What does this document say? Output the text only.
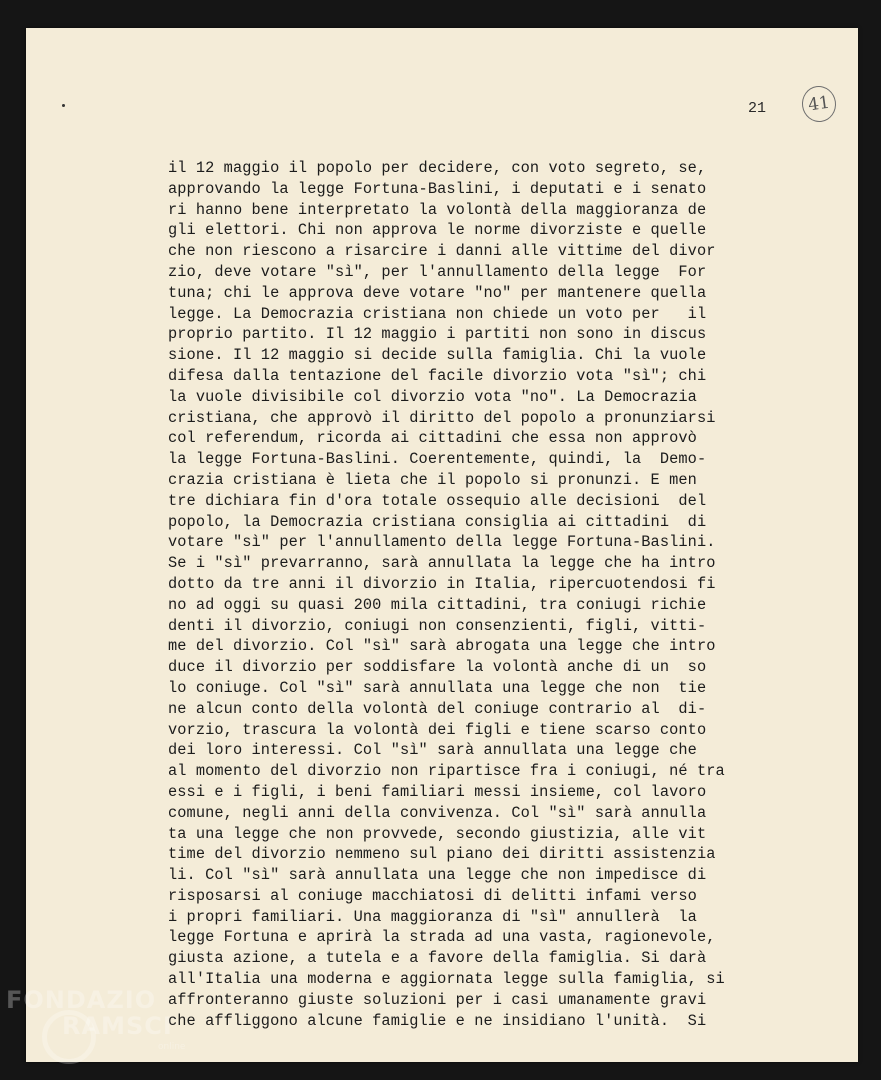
41
21
il 12 maggio il popolo per decidere, con voto segreto, se,
approvando la legge Fortuna-Baslini, i deputati e i senato
ri hanno bene interpretato la volontà della maggioranza de
gli elettori. Chi non approva le norme divorziste e quelle
che non riescono a risarcire i danni alle vittime del divor
zio, deve votare "sì", per l'annullamento della legge  For
tuna; chi le approva deve votare "no" per mantenere quella
legge. La Democrazia cristiana non chiede un voto per   il
proprio partito. Il 12 maggio i partiti non sono in discus
sione. Il 12 maggio si decide sulla famiglia. Chi la vuole
difesa dalla tentazione del facile divorzio vota "sì"; chi
la vuole divisibile col divorzio vota "no". La Democrazia
cristiana, che approvò il diritto del popolo a pronunziarsi
col referendum, ricorda ai cittadini che essa non approvò
la legge Fortuna-Baslini. Coerentemente, quindi, la  Demo-
crazia cristiana è lieta che il popolo si pronunzi. E men
tre dichiara fin d'ora totale ossequio alle decisioni  del
popolo, la Democrazia cristiana consiglia ai cittadini  di
votare "sì" per l'annullamento della legge Fortuna-Baslini.
Se i "sì" prevarranno, sarà annullata la legge che ha intro
dotto da tre anni il divorzio in Italia, ripercuotendosi fi
no ad oggi su quasi 200 mila cittadini, tra coniugi richie
denti il divorzio, coniugi non consenzienti, figli, vitti-
me del divorzio. Col "sì" sarà abrogata una legge che intro
duce il divorzio per soddisfare la volontà anche di un  so
lo coniuge. Col "sì" sarà annullata una legge che non  tie
ne alcun conto della volontà del coniuge contrario al  di-
vorzio, trascura la volontà dei figli e tiene scarso conto
dei loro interessi. Col "sì" sarà annullata una legge che
al momento del divorzio non ripartisce fra i coniugi, né tra
essi e i figli, i beni familiari messi insieme, col lavoro
comune, negli anni della convivenza. Col "sì" sarà annulla
ta una legge che non provvede, secondo giustizia, alle vit
time del divorzio nemmeno sul piano dei diritti assistenzia
li. Col "sì" sarà annullata una legge che non impedisce di
risposarsi al coniuge macchiatosi di delitti infami verso
i propri familiari. Una maggioranza di "sì" annullerà  la
legge Fortuna e aprirà la strada ad una vasta, ragionevole,
giusta azione, a tutela e a favore della famiglia. Si darà
all'Italia una moderna e aggiornata legge sulla famiglia, si
affronteranno giuste soluzioni per i casi umanamente gravi
che affliggono alcune famiglie e ne insidiano l'unità.  Si
FONDAZIO
RAMSCI
online
